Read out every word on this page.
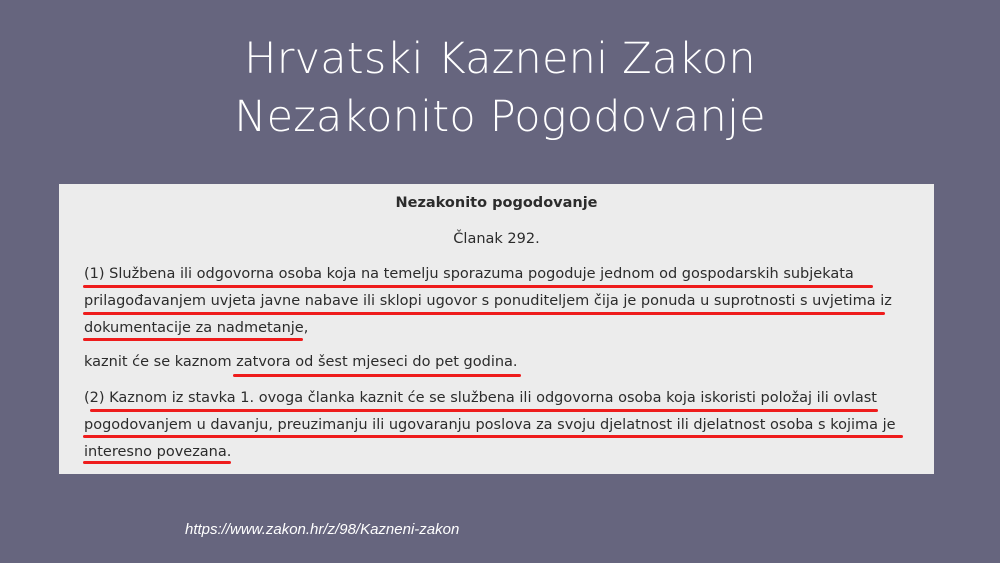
Hrvatski Kazneni Zakon
Nezakonito Pogodovanje
Nezakonito pogodovanje
Članak 292.
(1) Službena ili odgovorna osoba koja na temelju sporazuma pogoduje jednom od gospodarskih subjekata
prilagođavanjem uvjeta javne nabave ili sklopi ugovor s ponuditeljem čija je ponuda u suprotnosti s uvjetima iz
dokumentacije za nadmetanje,
kaznit će se kaznom zatvora od šest mjeseci do pet godina.
(2) Kaznom iz stavka 1. ovoga članka kaznit će se službena ili odgovorna osoba koja iskoristi položaj ili ovlast
pogodovanjem u davanju, preuzimanju ili ugovaranju poslova za svoju djelatnost ili djelatnost osoba s kojima je
interesno povezana.
https://www.zakon.hr/z/98/Kazneni-zakon
